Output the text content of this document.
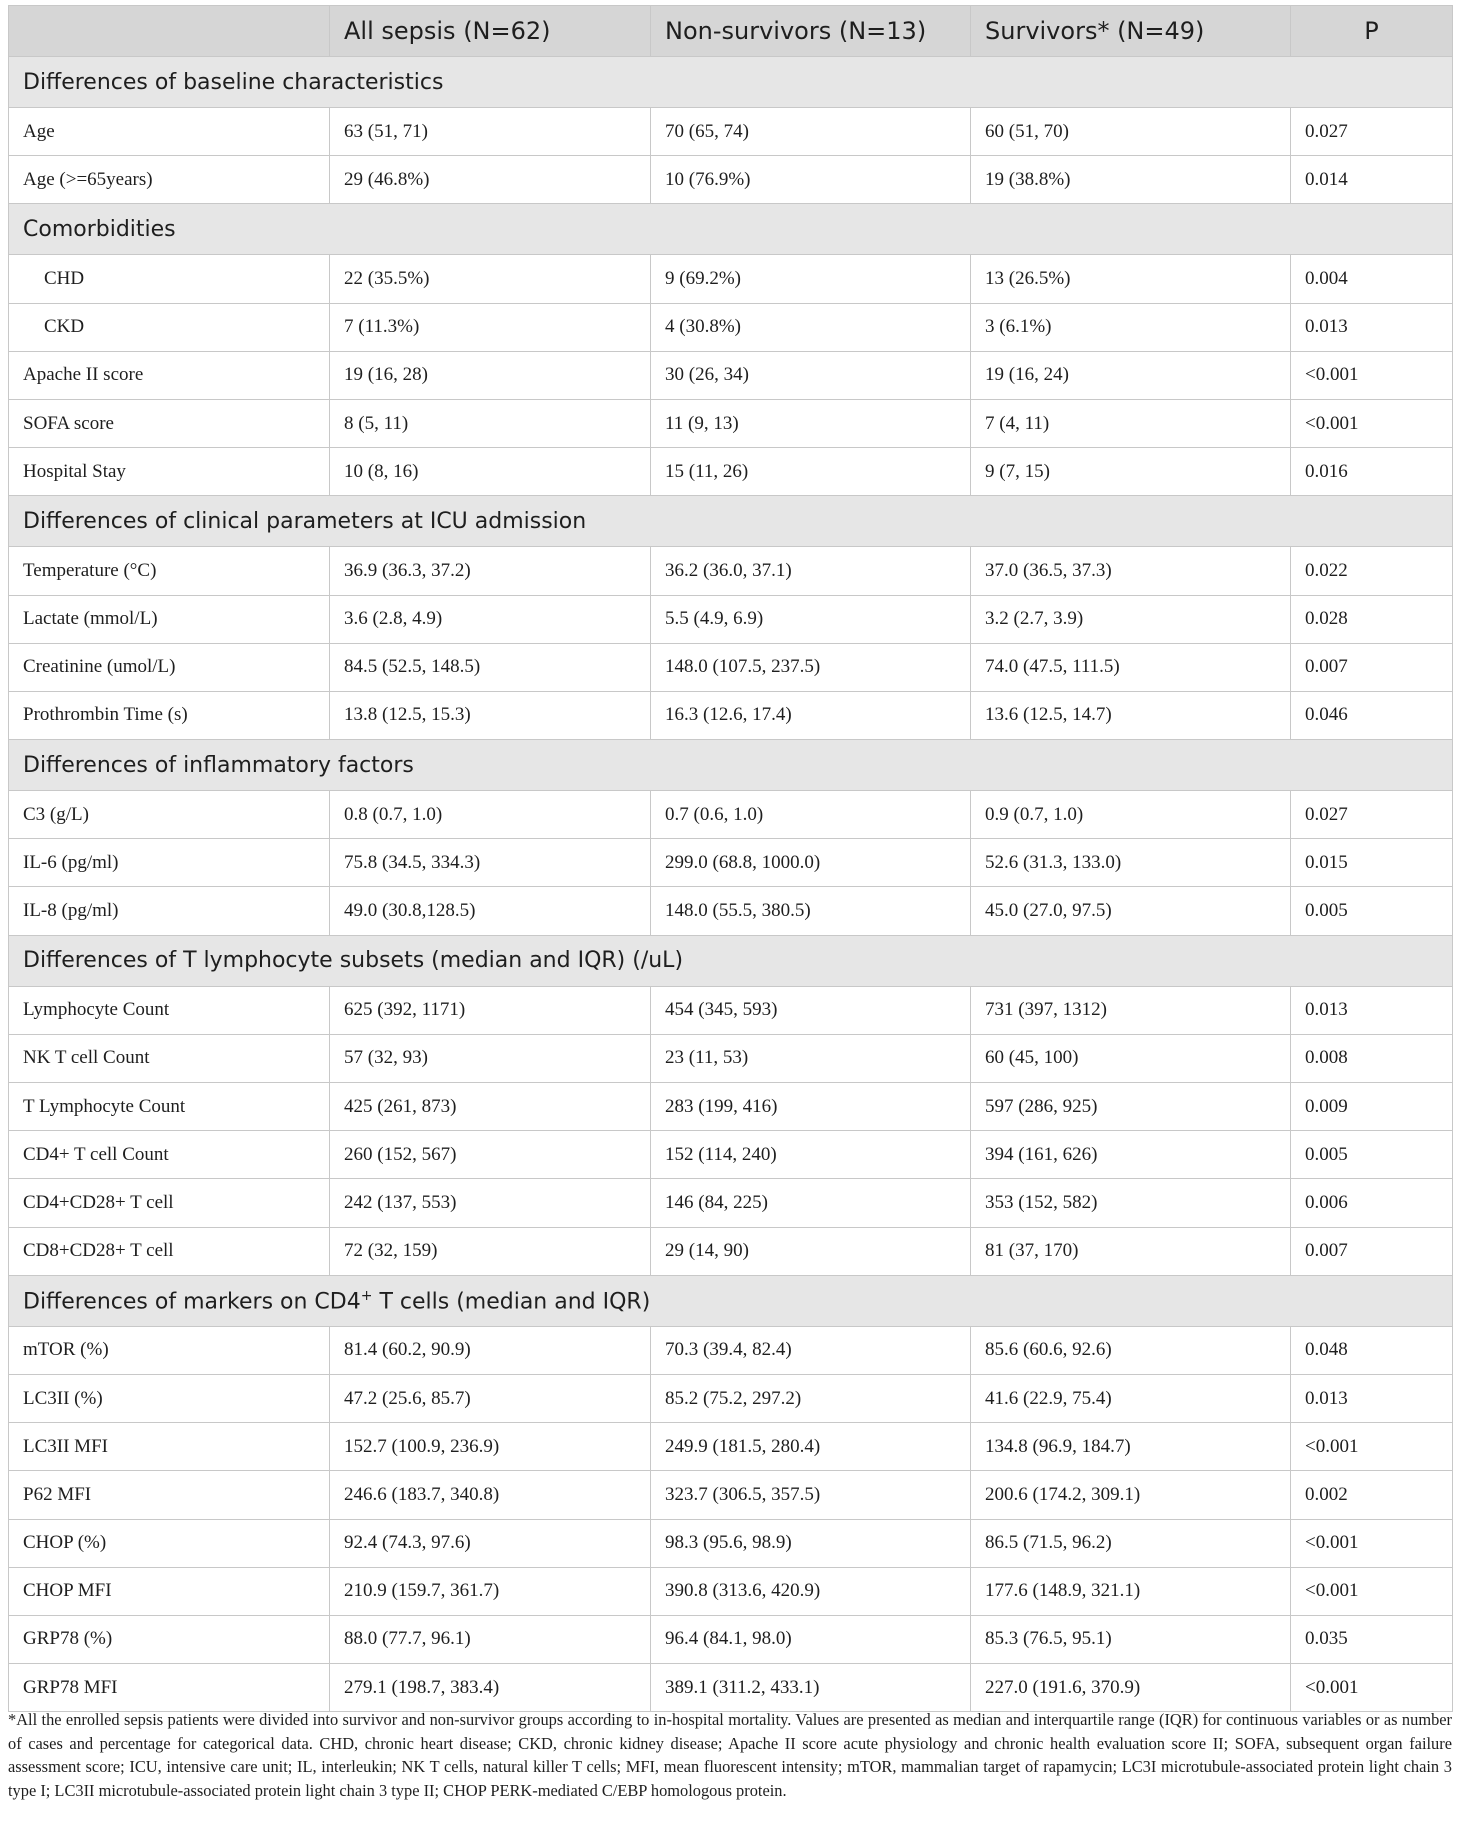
	All sepsis (N=62)	Non-survivors (N=13)	Survivors* (N=49)	P
Differences of baseline characteristics				
Age	63 (51, 71)	70 (65, 74)	60 (51, 70)	0.027
Age (>=65years)	29 (46.8%)	10 (76.9%)	19 (38.8%)	0.014
Comorbidities				
CHD	22 (35.5%)	9 (69.2%)	13 (26.5%)	0.004
CKD	7 (11.3%)	4 (30.8%)	3 (6.1%)	0.013
Apache II score	19 (16, 28)	30 (26, 34)	19 (16, 24)	<0.001
SOFA score	8 (5, 11)	11 (9, 13)	7 (4, 11)	<0.001
Hospital Stay	10 (8, 16)	15 (11, 26)	9 (7, 15)	0.016
Differences of clinical parameters at ICU admission				
Temperature (°C)	36.9 (36.3, 37.2)	36.2 (36.0, 37.1)	37.0 (36.5, 37.3)	0.022
Lactate (mmol/L)	3.6 (2.8, 4.9)	5.5 (4.9, 6.9)	3.2 (2.7, 3.9)	0.028
Creatinine (umol/L)	84.5 (52.5, 148.5)	148.0 (107.5, 237.5)	74.0 (47.5, 111.5)	0.007
Prothrombin Time (s)	13.8 (12.5, 15.3)	16.3 (12.6, 17.4)	13.6 (12.5, 14.7)	0.046
Differences of inflammatory factors				
C3 (g/L)	0.8 (0.7, 1.0)	0.7 (0.6, 1.0)	0.9 (0.7, 1.0)	0.027
IL-6 (pg/ml)	75.8 (34.5, 334.3)	299.0 (68.8, 1000.0)	52.6 (31.3, 133.0)	0.015
IL-8 (pg/ml)	49.0 (30.8,128.5)	148.0 (55.5, 380.5)	45.0 (27.0, 97.5)	0.005
Differences of T lymphocyte subsets (median and IQR) (/uL)				
Lymphocyte Count	625 (392, 1171)	454 (345, 593)	731 (397, 1312)	0.013
NK T cell Count	57 (32, 93)	23 (11, 53)	60 (45, 100)	0.008
T Lymphocyte Count	425 (261, 873)	283 (199, 416)	597 (286, 925)	0.009
CD4+ T cell Count	260 (152, 567)	152 (114, 240)	394 (161, 626)	0.005
CD4+CD28+ T cell	242 (137, 553)	146 (84, 225)	353 (152, 582)	0.006
CD8+CD28+ T cell	72 (32, 159)	29 (14, 90)	81 (37, 170)	0.007
Differences of markers on CD4+ T cells (median and IQR)				
mTOR (%)	81.4 (60.2, 90.9)	70.3 (39.4, 82.4)	85.6 (60.6, 92.6)	0.048
LC3II (%)	47.2 (25.6, 85.7)	85.2 (75.2, 297.2)	41.6 (22.9, 75.4)	0.013
LC3II MFI	152.7 (100.9, 236.9)	249.9 (181.5, 280.4)	134.8 (96.9, 184.7)	<0.001
P62 MFI	246.6 (183.7, 340.8)	323.7 (306.5, 357.5)	200.6 (174.2, 309.1)	0.002
CHOP (%)	92.4 (74.3, 97.6)	98.3 (95.6, 98.9)	86.5 (71.5, 96.2)	<0.001
CHOP MFI	210.9 (159.7, 361.7)	390.8 (313.6, 420.9)	177.6 (148.9, 321.1)	<0.001
GRP78 (%)	88.0 (77.7, 96.1)	96.4 (84.1, 98.0)	85.3 (76.5, 95.1)	0.035
GRP78 MFI	279.1 (198.7, 383.4)	389.1 (311.2, 433.1)	227.0 (191.6, 370.9)	<0.001

*All the enrolled sepsis patients were divided into survivor and non-survivor groups according to in-hospital mortality. Values are presented as median and interquartile range (IQR) for continuous variables or as number of cases and percentage for categorical data. CHD, chronic heart disease; CKD, chronic kidney disease; Apache II score acute physiology and chronic health evaluation score II; SOFA, subsequent organ failure assessment score; ICU, intensive care unit; IL, interleukin; NK T cells, natural killer T cells; MFI, mean fluorescent intensity; mTOR, mammalian target of rapamycin; LC3I microtubule-associated protein light chain 3 type I; LC3II microtubule-associated protein light chain 3 type II; CHOP PERK-mediated C/EBP homologous protein.
